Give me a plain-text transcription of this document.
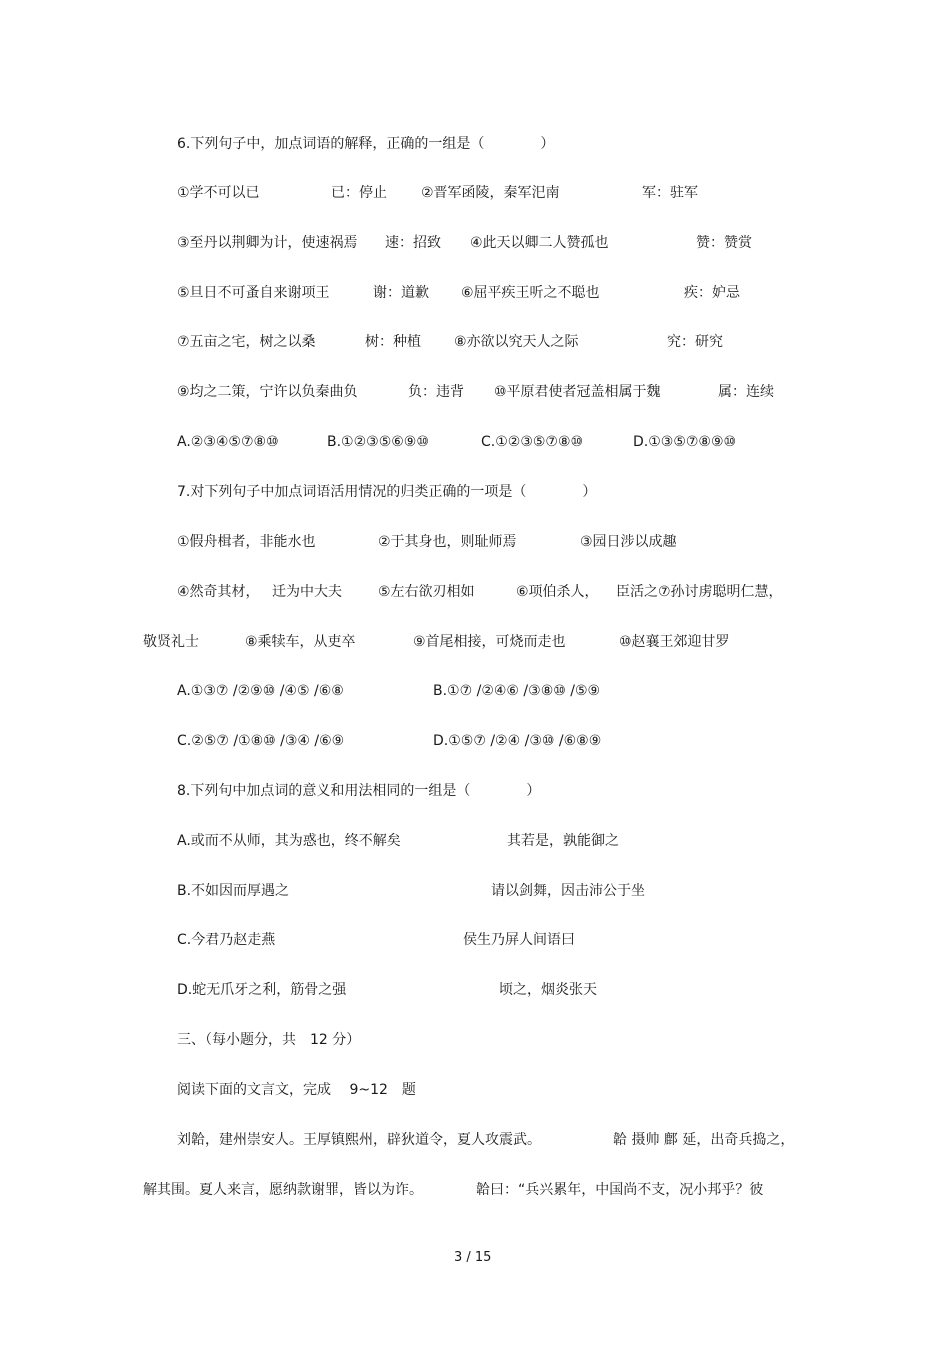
6.下列句子中，加点词语的解释，正确的一组是（　　　　）
①学不可以已	已：停止 ②晋军函陵，秦军汜南	军：驻军
③至丹以荆卿为计，使速祸焉 速：招致 ④此天以卿二人赞孤也	赞：赞赏
⑤旦日不可蚤自来谢项王	谢：道歉 ⑥屈平疾王听之不聪也	疾：妒忌
⑦五亩之宅，树之以桑	树：种植 ⑧亦欲以究天人之际	究：研究
⑨均之二策，宁许以负秦曲负	负：违背 ⑩平原君使者冠盖相属于魏	属：连续
A.②③④⑤⑦⑧⑩	B.①②③⑤⑥⑨⑩	C.①②③⑤⑦⑧⑩	D.①③⑤⑦⑧⑨⑩
7.对下列句子中加点词语活用情况的归类正确的一项是（　　　　）
①假舟楫者，非能水也	②于其身也，则耻师焉	③园日涉以成趣
④然奇其材， 迁为中大夫	⑤左右欲刃相如	⑥项伯杀人， 臣活之⑦孙讨虏聪明仁慧，
敬贤礼士	⑧乘犊车，从吏卒	⑨首尾相接，可烧而走也	⑩赵襄王郊迎甘罗
A.①③⑦ /②⑨⑩ /④⑤ /⑥⑧	B.①⑦ /②④⑥ /③⑧⑩ /⑤⑨
C.②⑤⑦ /①⑧⑩ /③④ /⑥⑨	D.①⑤⑦ /②④ /③⑩ /⑥⑧⑨
8.下列句中加点词的意义和用法相同的一组是（　　　　）
A.或而不从师，其为惑也，终不解矣	其若是，孰能御之
B.不如因而厚遇之	请以剑舞，因击沛公于坐
C.今君乃赵走燕	侯生乃屏人间语曰
D.蛇无爪牙之利，筋骨之强	顷之，烟炎张天
三、（每小题分，共　12 分）
阅读下面的文言文，完成　 9~12　题
刘韐，建州崇安人。王厚镇熙州，辟狄道令，夏人攻震武。	韐 摄帅 鄜 延，出奇兵捣之，
解其围。夏人来言，愿纳款谢罪，皆以为诈。	韐曰：“兵兴累年，中国尚不支，况小邦乎？彼
3 / 15
